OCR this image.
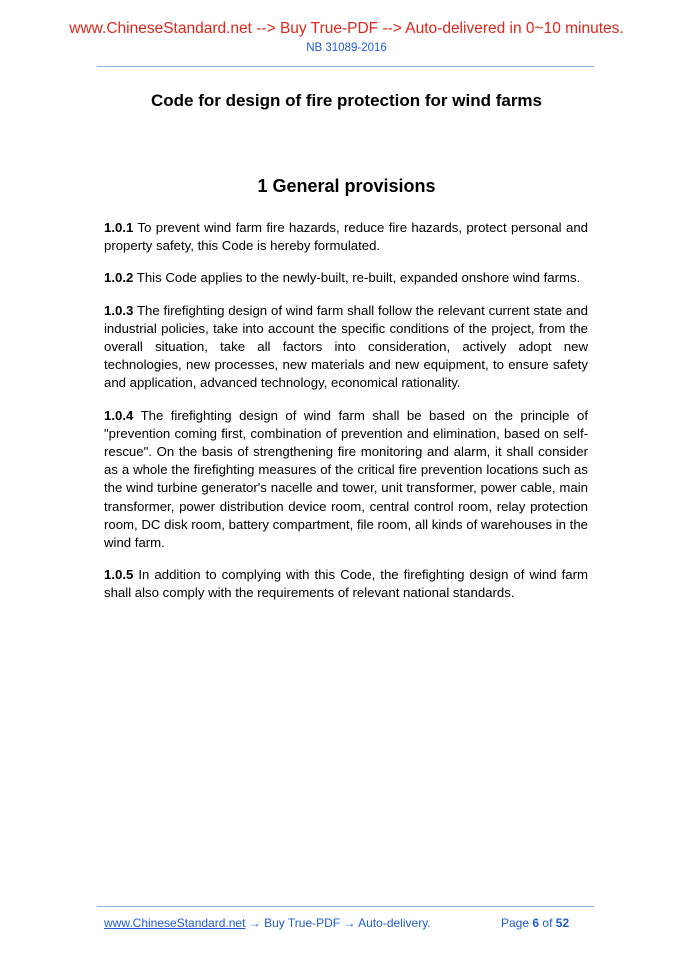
www.ChineseStandard.net --> Buy True-PDF --> Auto-delivered in 0~10 minutes.
NB 31089-2016
Code for design of fire protection for wind farms
1 General provisions

1.0.1 To prevent wind farm fire hazards, reduce fire hazards, protect personal and property safety, this Code is hereby formulated.

1.0.2 This Code applies to the newly-built, re-built, expanded onshore wind farms.

1.0.3 The firefighting design of wind farm shall follow the relevant current state and industrial policies, take into account the specific conditions of the project, from the overall situation, take all factors into consideration, actively adopt new technologies, new processes, new materials and new equipment, to ensure safety and application, advanced technology, economical rationality.

1.0.4 The firefighting design of wind farm shall be based on the principle of "prevention coming first, combination of prevention and elimination, based on self-rescue". On the basis of strengthening fire monitoring and alarm, it shall consider as a whole the firefighting measures of the critical fire prevention locations such as the wind turbine generator's nacelle and tower, unit transformer, power cable, main transformer, power distribution device room, central control room, relay protection room, DC disk room, battery compartment, file room, all kinds of warehouses in the wind farm.

1.0.5 In addition to complying with this Code, the firefighting design of wind farm shall also comply with the requirements of relevant national standards.

www.ChineseStandard.net → Buy True-PDF → Auto-delivery.	Page 6 of 52
